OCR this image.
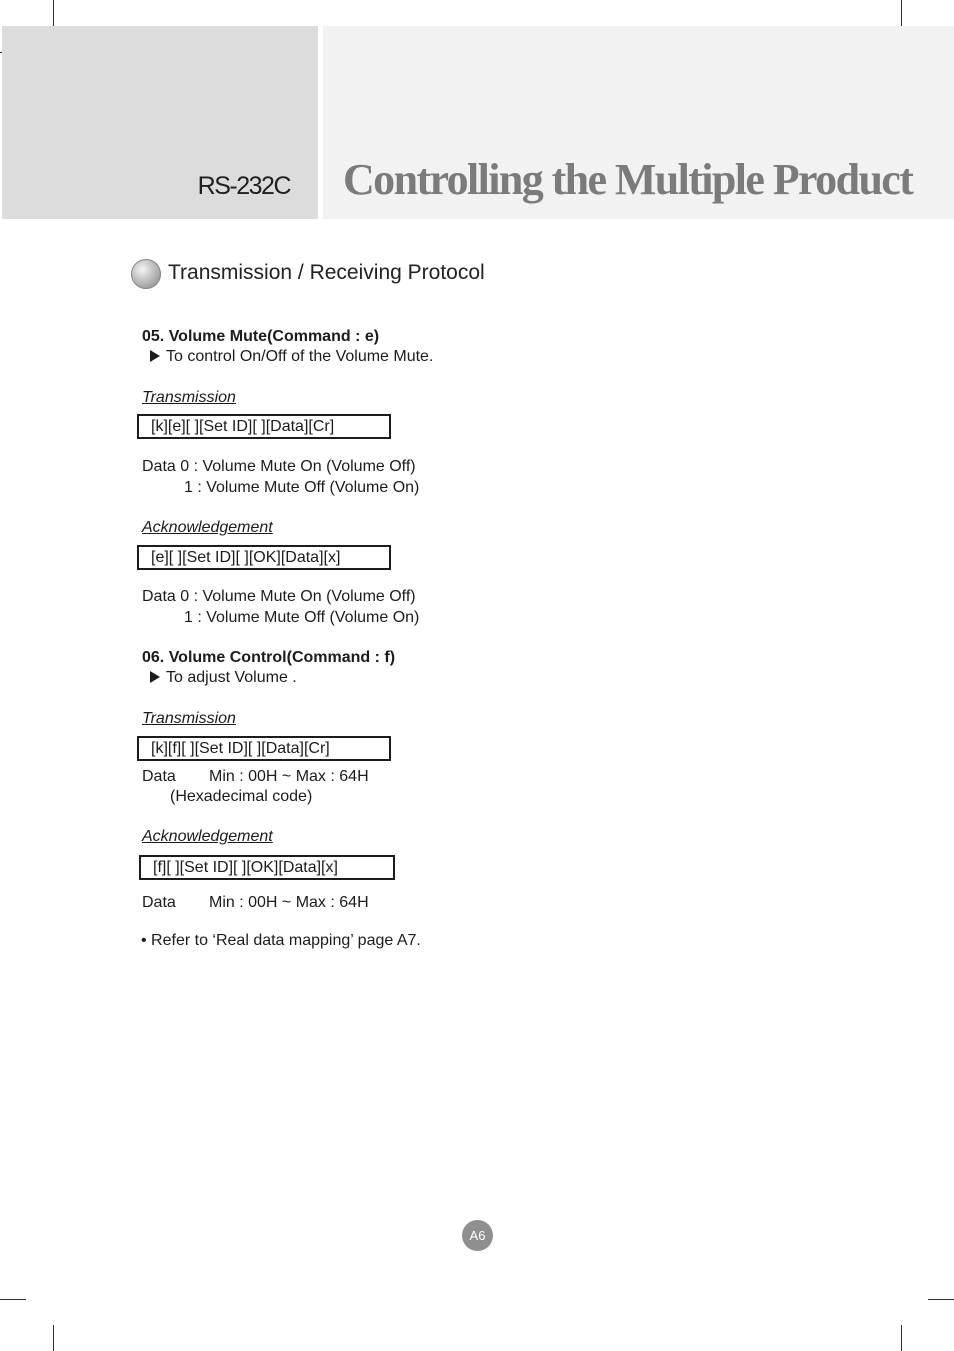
RS-232C Controlling the Multiple Product
Transmission / Receiving Protocol
05. Volume Mute(Command : e)
To control On/Off of the Volume Mute.
Transmission
[k][e][ ][Set ID][ ][Data][Cr]
Data 0 : Volume Mute On (Volume Off)
1 : Volume Mute Off (Volume On)
Acknowledgement
[e][ ][Set ID][ ][OK][Data][x]
Data 0 : Volume Mute On (Volume Off)
1 : Volume Mute Off (Volume On)
06. Volume Control(Command : f)
To adjust Volume .
Transmission
[k][f][ ][Set ID][ ][Data][Cr]
Data Min : 00H ~ Max : 64H
(Hexadecimal code)
Acknowledgement
[f][ ][Set ID][ ][OK][Data][x]
Data Min : 00H ~ Max : 64H
• Refer to ‘Real data mapping’ page A7.
A6
